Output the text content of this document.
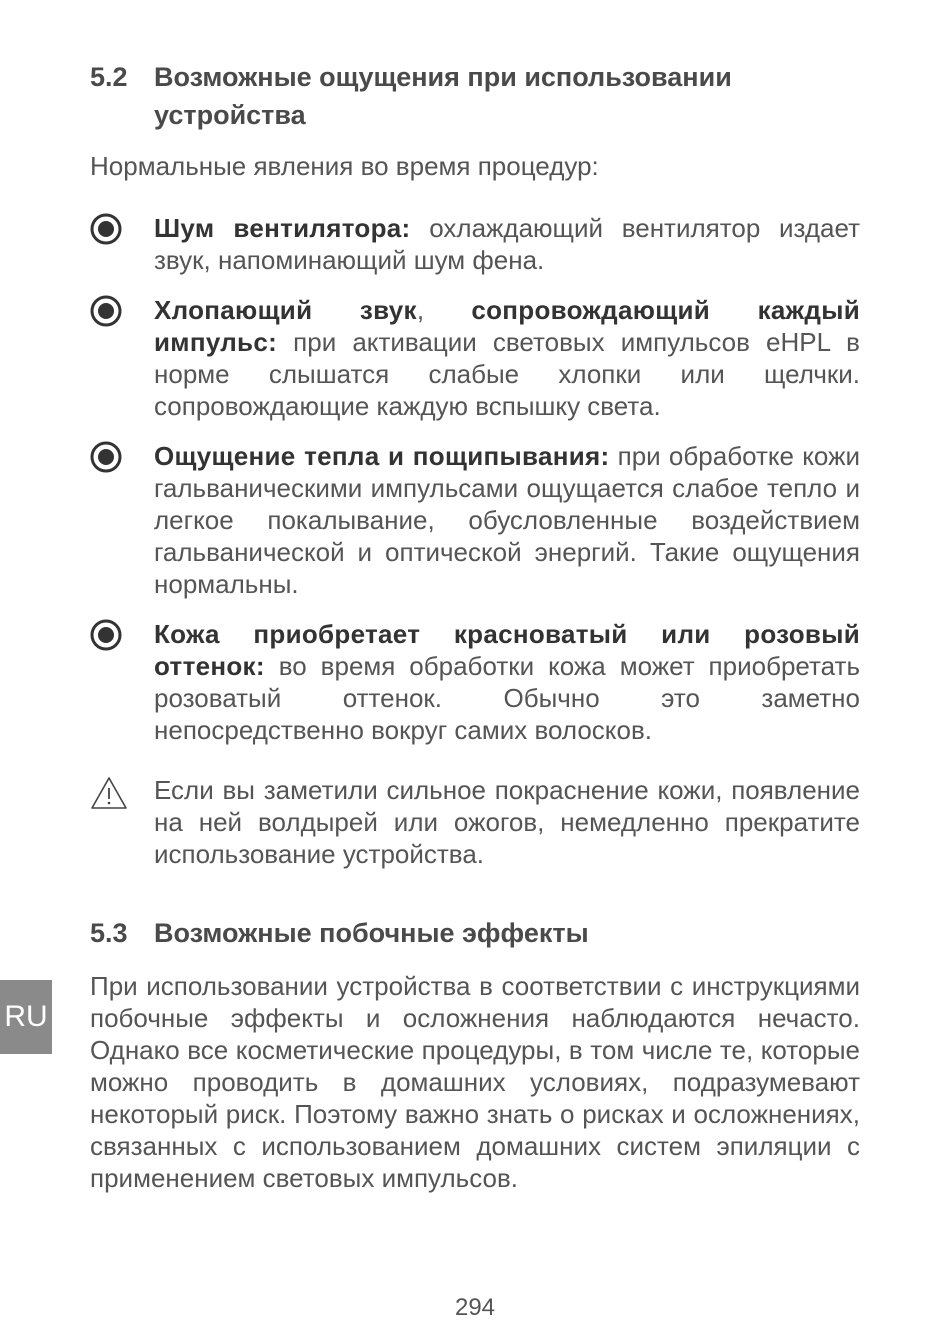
5.2 Возможные ощущения при использовании устройства
Нормальные явления во время процедур:
Шум вентилятора: охлаждающий вентилятор издает звук, напоминающий шум фена.
Хлопающий звук, сопровождающий каждый импульс: при активации световых импульсов eHPL в норме слышатся слабые хлопки или щелчки. сопровождающие каждую вспышку света.
Ощущение тепла и пощипывания: при обработке кожи гальваническими импульсами ощущается слабое тепло и легкое покалывание, обусловленные воздействием гальванической и оптической энергий. Такие ощущения нормальны.
Кожа приобретает красноватый или розовый оттенок: во время обработки кожа может приобретать розоватый оттенок. Обычно это заметно непосредственно вокруг самих волосков.
Если вы заметили сильное покраснение кожи, появление на ней волдырей или ожогов, немедленно прекратите использование устройства.
5.3 Возможные побочные эффекты
При использовании устройства в соответствии с инструкциями побочные эффекты и осложнения наблюдаются нечасто. Однако все косметические процедуры, в том числе те, которые можно проводить в домашних условиях, подразумевают некоторый риск. Поэтому важно знать о рисках и осложнениях, связанных с использованием домашних систем эпиляции с применением световых импульсов.
RU
294
